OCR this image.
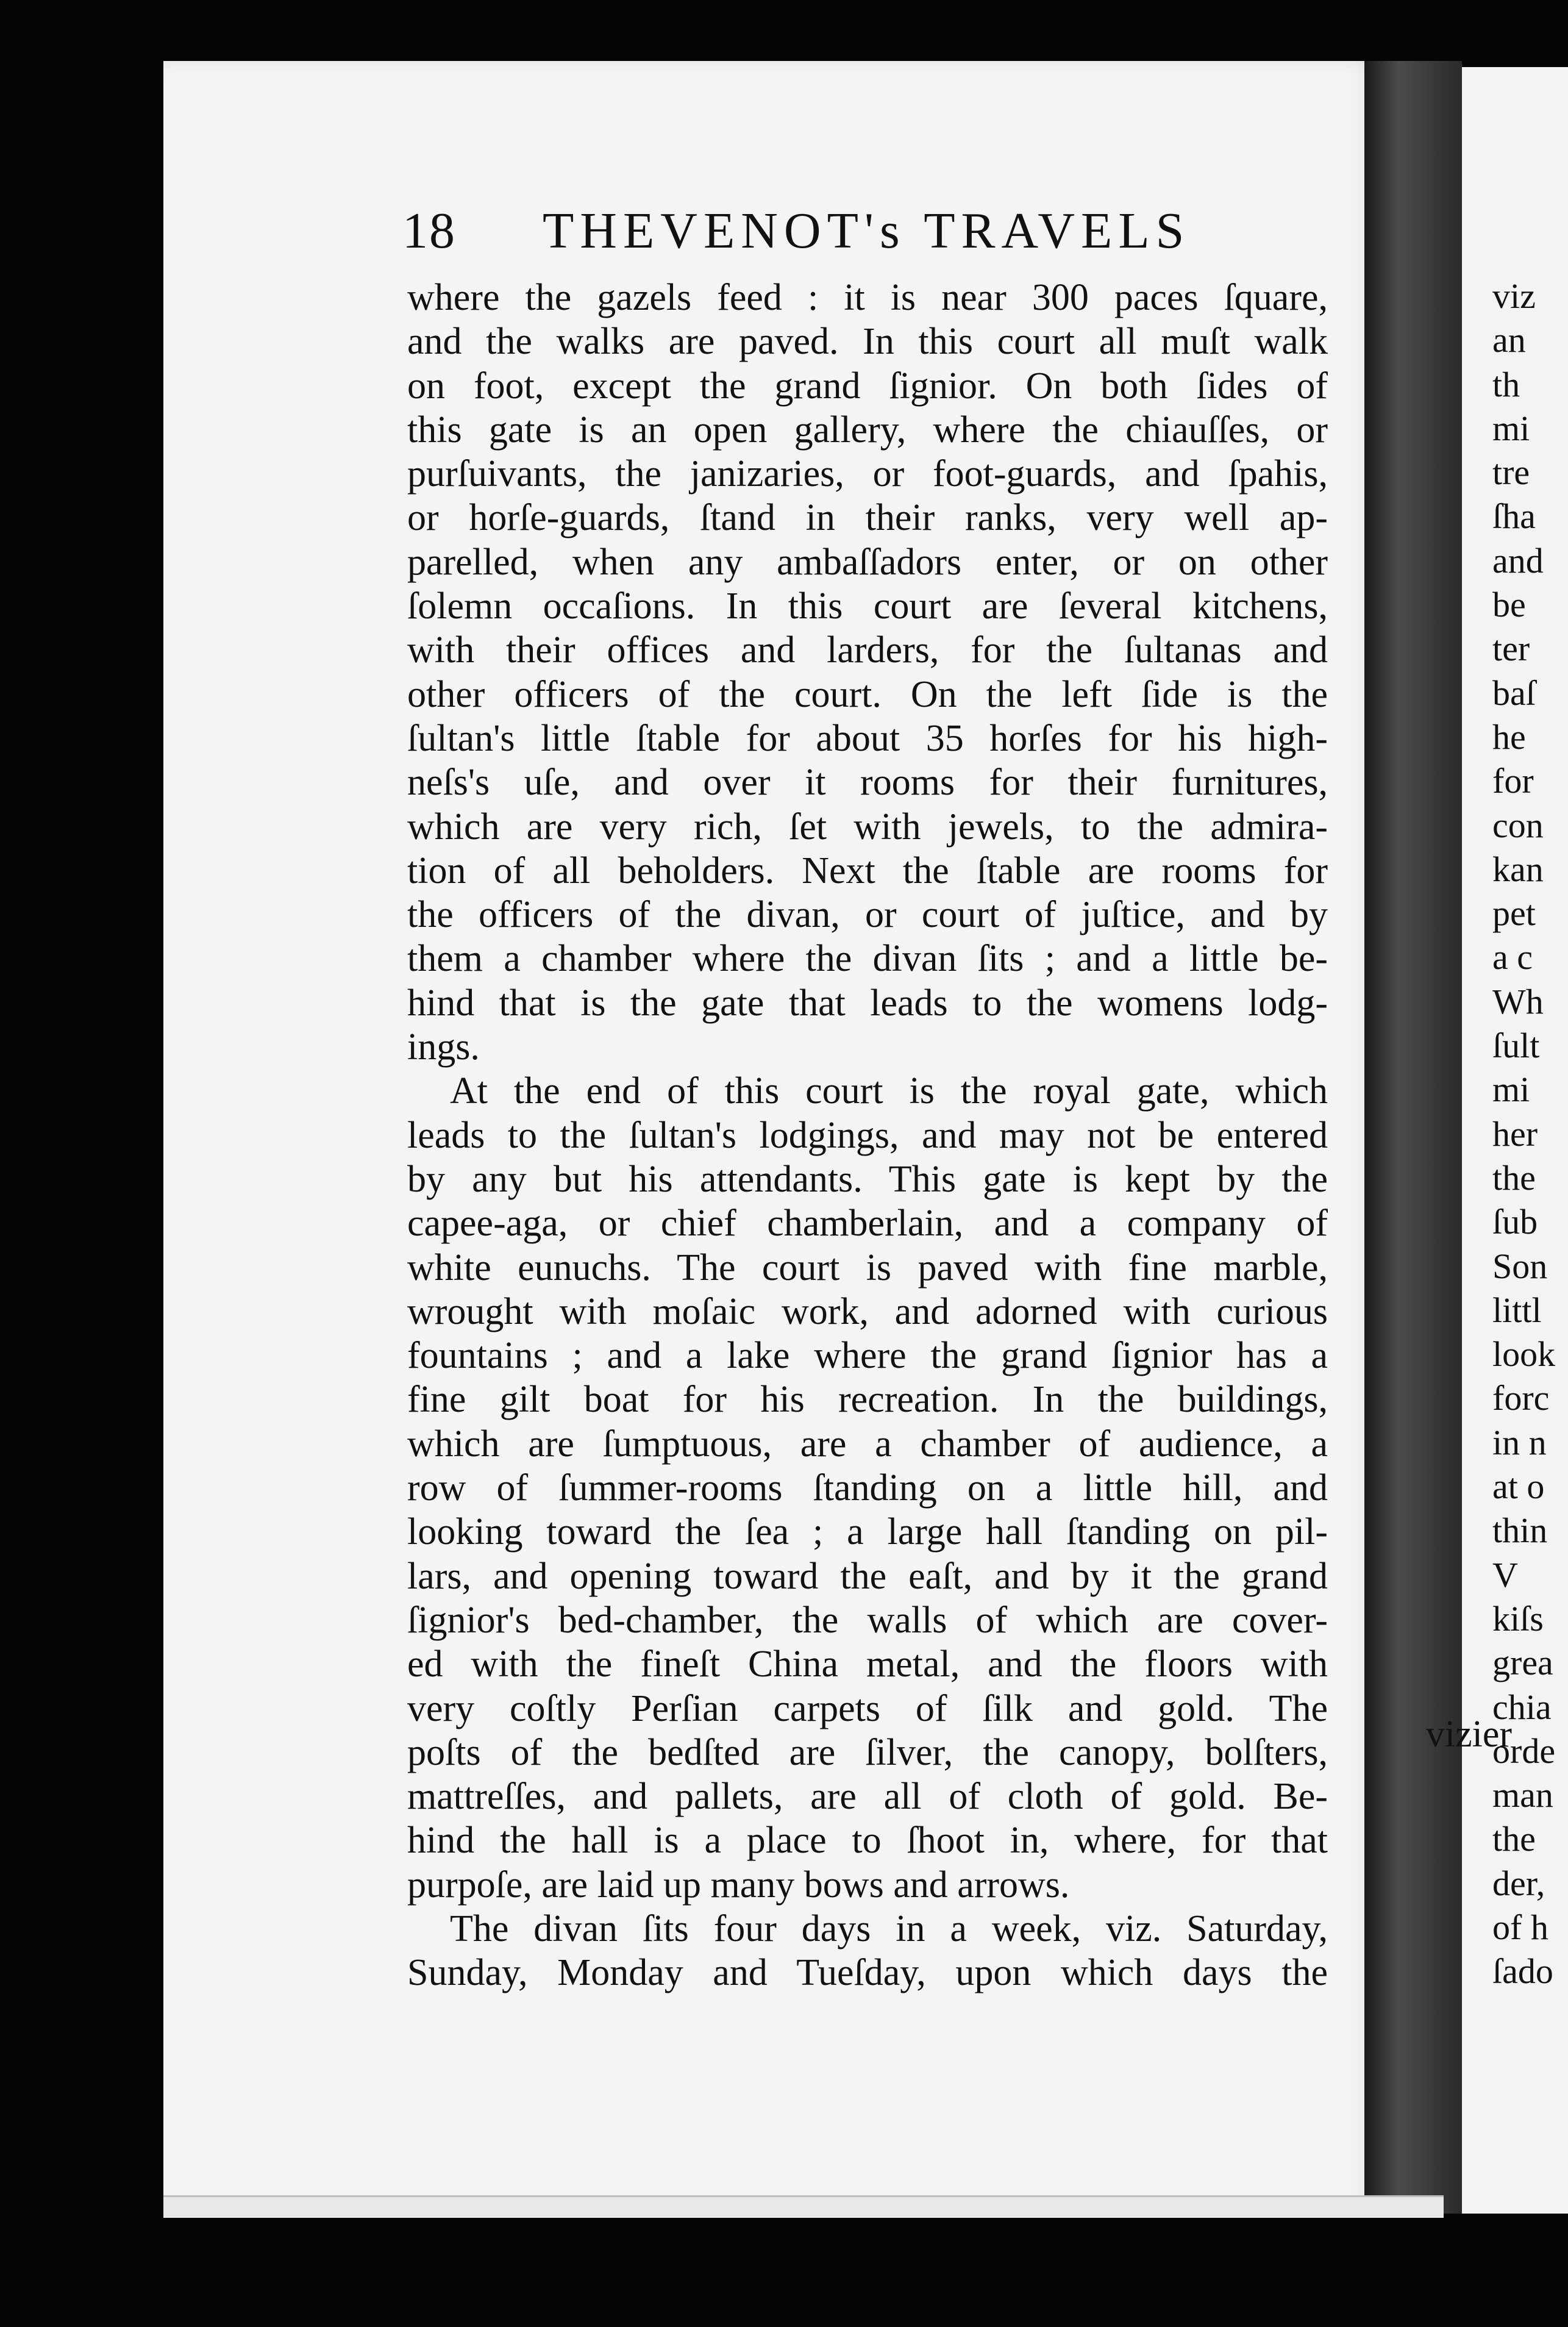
18 THEVENOT's TRAVELS
where the gazels feed : it is near 300 paces ſquare,
and the walks are paved. In this court all muſt walk
on foot, except the grand ſignior. On both ſides of
this gate is an open gallery, where the chiauſſes, or
purſuivants, the janizaries, or foot-guards, and ſpahis,
or horſe-guards, ſtand in their ranks, very well ap-
parelled, when any ambaſſadors enter, or on other
ſolemn occaſions. In this court are ſeveral kitchens,
with their offices and larders, for the ſultanas and
other officers of the court. On the left ſide is the
ſultan's little ſtable for about 35 horſes for his high-
neſs's uſe, and over it rooms for their furnitures,
which are very rich, ſet with jewels, to the admira-
tion of all beholders. Next the ſtable are rooms for
the officers of the divan, or court of juſtice, and by
them a chamber where the divan ſits ; and a little be-
hind that is the gate that leads to the womens lodg-
ings.
At the end of this court is the royal gate, which
leads to the ſultan's lodgings, and may not be entered
by any but his attendants. This gate is kept by the
capee-aga, or chief chamberlain, and a company of
white eunuchs. The court is paved with fine marble,
wrought with moſaic work, and adorned with curious
fountains ; and a lake where the grand ſignior has a
fine gilt boat for his recreation. In the buildings,
which are ſumptuous, are a chamber of audience, a
row of ſummer-rooms ſtanding on a little hill, and
looking toward the ſea ; a large hall ſtanding on pil-
lars, and opening toward the eaſt, and by it the grand
ſignior's bed-chamber, the walls of which are cover-
ed with the fineſt China metal, and the floors with
very coſtly Perſian carpets of ſilk and gold. The
poſts of the bedſted are ſilver, the canopy, bolſters,
mattreſſes, and pallets, are all of cloth of gold. Be-
hind the hall is a place to ſhoot in, where, for that
purpoſe, are laid up many bows and arrows.
The divan ſits four days in a week, viz. Saturday,
Sunday, Monday and Tueſday, upon which days the
vizier
viz
an
th
mi
tre
ſha
and
be
ter
baſ
he
for
con
kan
pet
a c
Wh
ſult
mi
her
the
ſub
Son
littl
look
forc
in n
at o
thin
V
kiſs
grea
chia
orde
man
the
der,
of h
ſado
